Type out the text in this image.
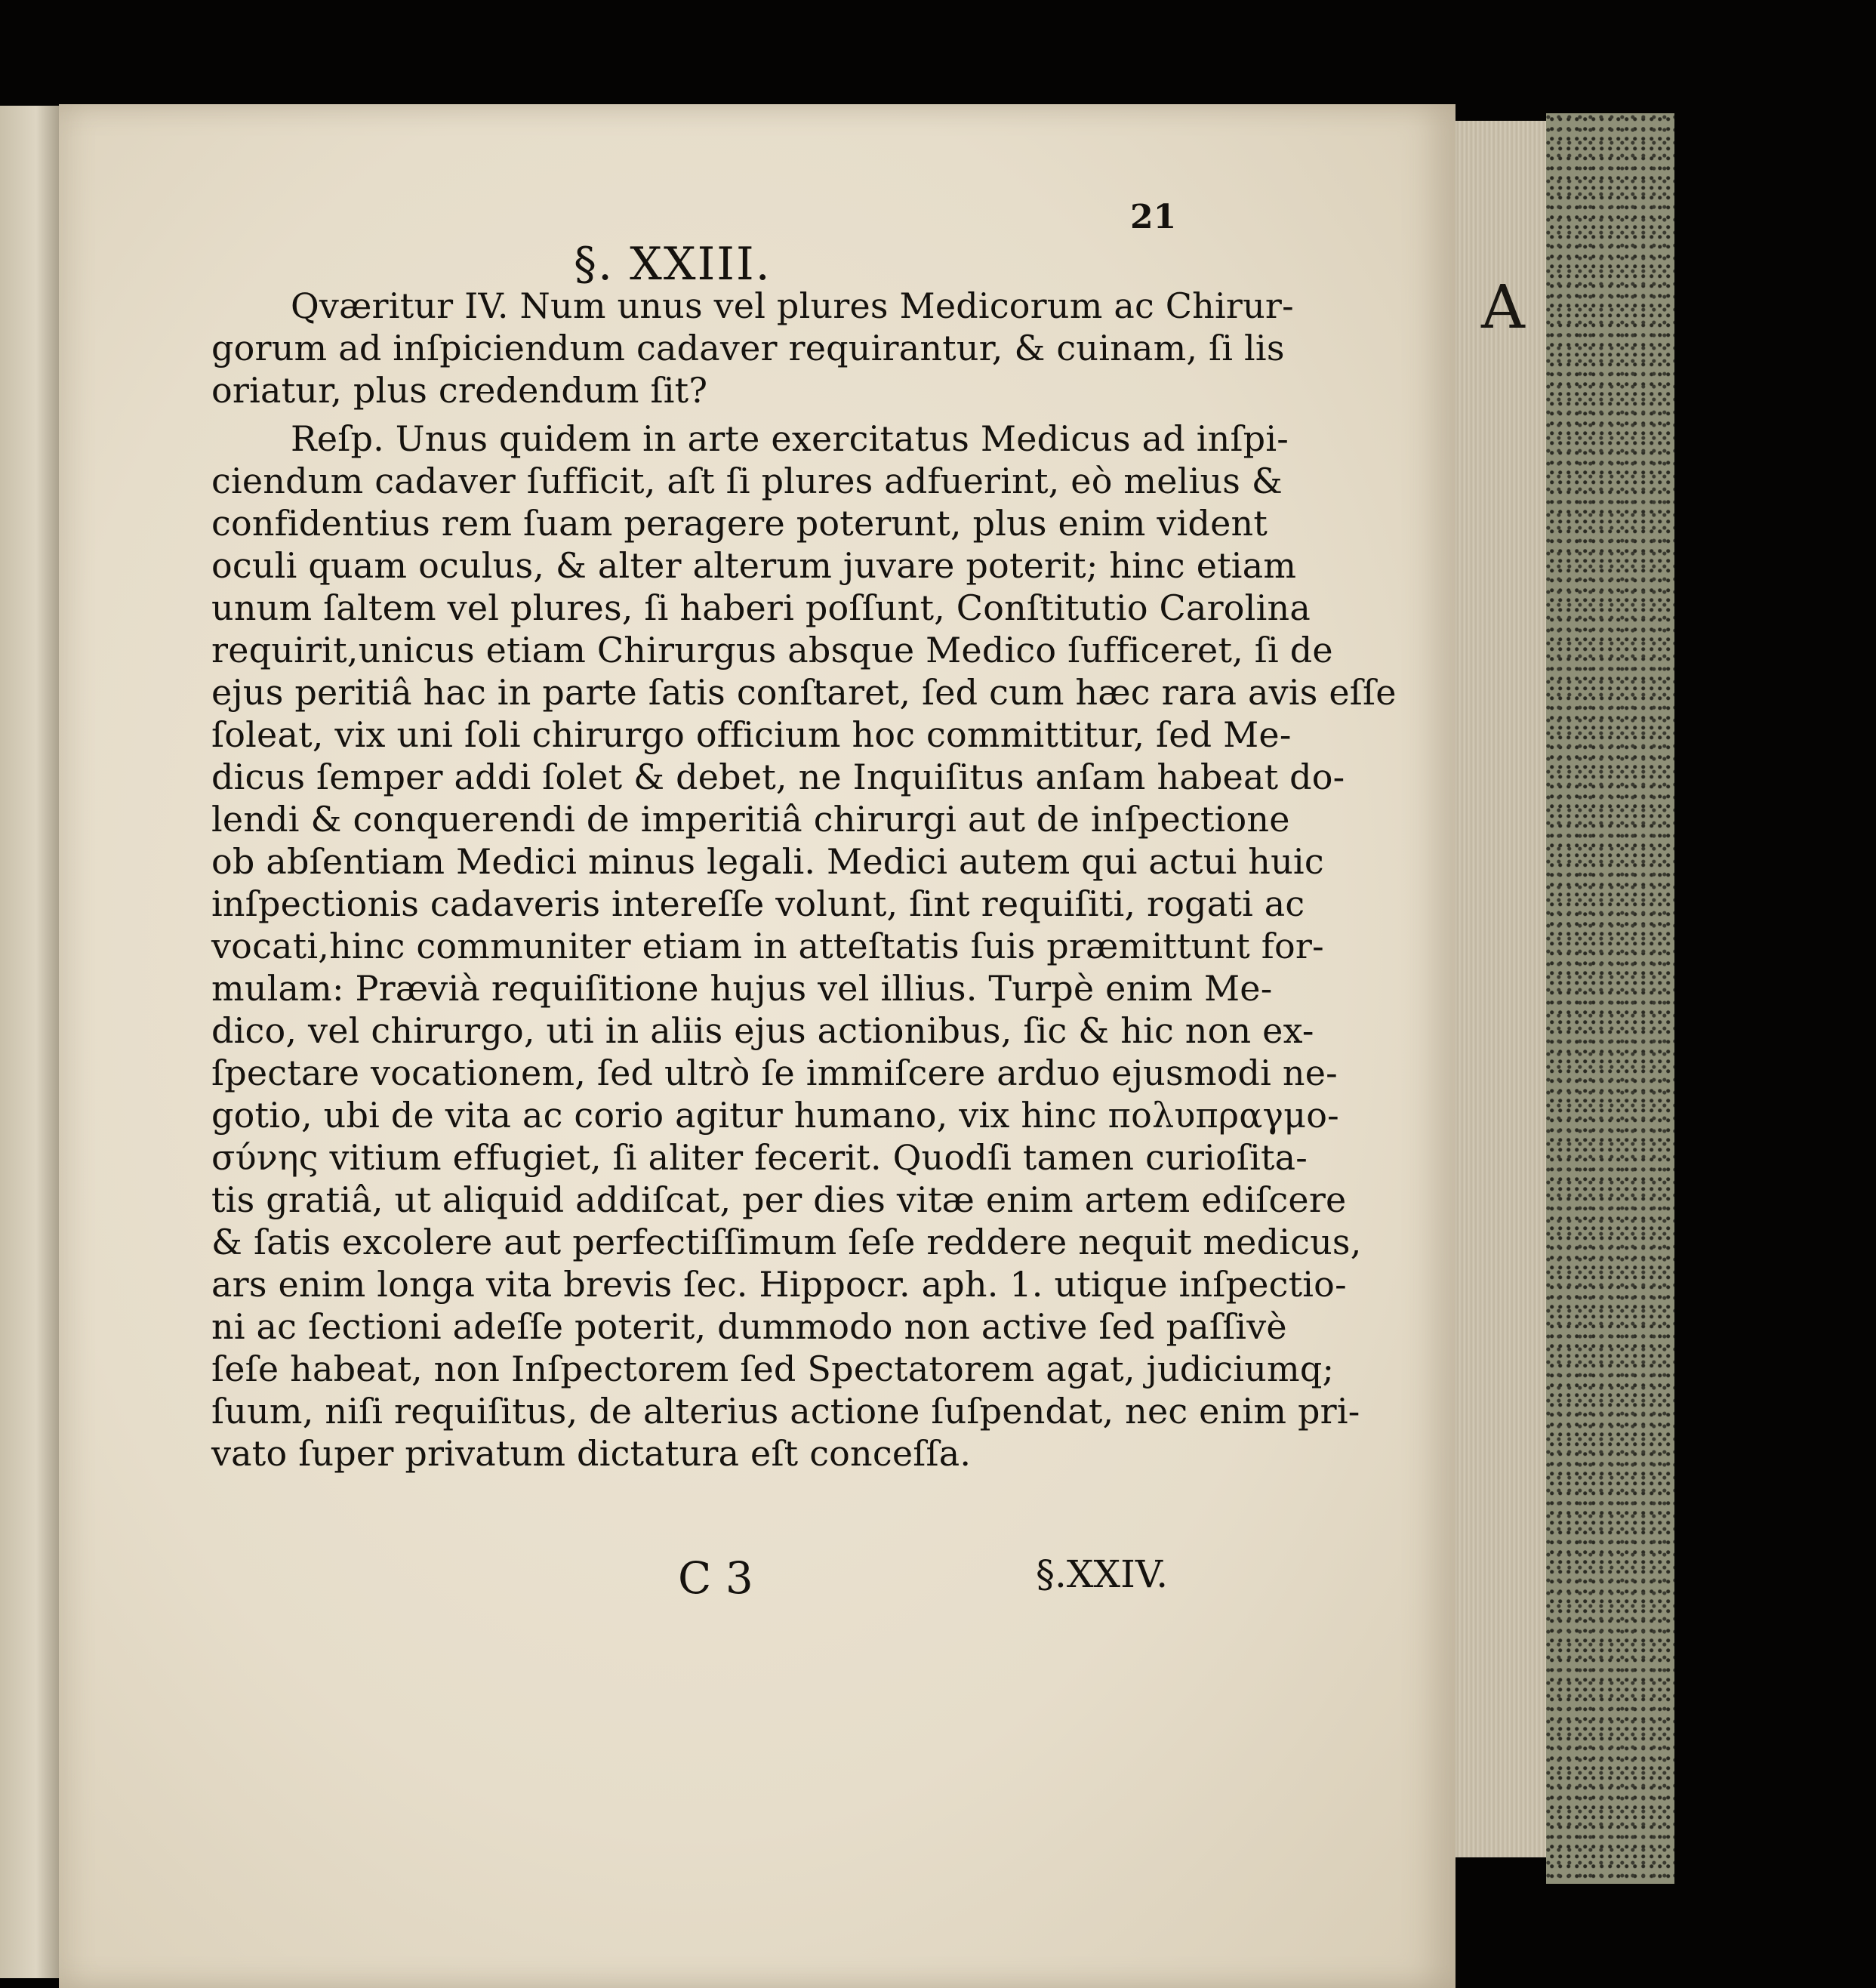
A
21
§. XXIII.
Qværitur IV. Num unus vel plures Medicorum ac Chirur-
gorum ad inſpiciendum cadaver requirantur, & cuinam, ſi lis
oriatur, plus credendum ſit?
Reſp. Unus quidem in arte exercitatus Medicus ad inſpi-
ciendum cadaver ſufficit, aſt ſi plures adfuerint, eò melius &
confidentius rem ſuam peragere poterunt, plus enim vident
oculi quam oculus, & alter alterum juvare poterit; hinc etiam
unum ſaltem vel plures, ſi haberi poſſunt, Conſtitutio Carolina
requirit,unicus etiam Chirurgus absque Medico ſufficeret, ſi de
ejus peritiâ hac in parte ſatis conſtaret, ſed cum hæc rara avis eſſe
ſoleat, vix uni ſoli chirurgo officium hoc committitur, ſed Me-
dicus ſemper addi ſolet & debet, ne Inquiſitus anſam habeat do-
lendi & conquerendi de imperitiâ chirurgi aut de inſpectione
ob abſentiam Medici minus legali. Medici autem qui actui huic
inſpectionis cadaveris intereſſe volunt, ſint requiſiti, rogati ac
vocati,hinc communiter etiam in atteſtatis ſuis præmittunt for-
mulam: Prævià requiſitione hujus vel illius. Turpè enim Me-
dico, vel chirurgo, uti in aliis ejus actionibus, ſic & hic non ex-
ſpectare vocationem, ſed ultrò ſe immiſcere arduo ejusmodi ne-
gotio, ubi de vita ac corio agitur humano, vix hinc πολυπραγμο-
σύνης vitium effugiet, ſi aliter fecerit. Quodſi tamen curioſita-
tis gratiâ, ut aliquid addiſcat, per dies vitæ enim artem ediſcere
& ſatis excolere aut perfectiſſimum ſeſe reddere nequit medicus,
ars enim longa vita brevis ſec. Hippocr. aph. 1. utique inſpectio-
ni ac ſectioni adeſſe poterit, dummodo non active ſed paſſivè
ſeſe habeat, non Inſpectorem ſed Spectatorem agat, judiciumq;
ſuum, niſi requiſitus, de alterius actione ſuſpendat, nec enim pri-
vato ſuper privatum dictatura eſt conceſſa.
C 3	§.XXIV.
